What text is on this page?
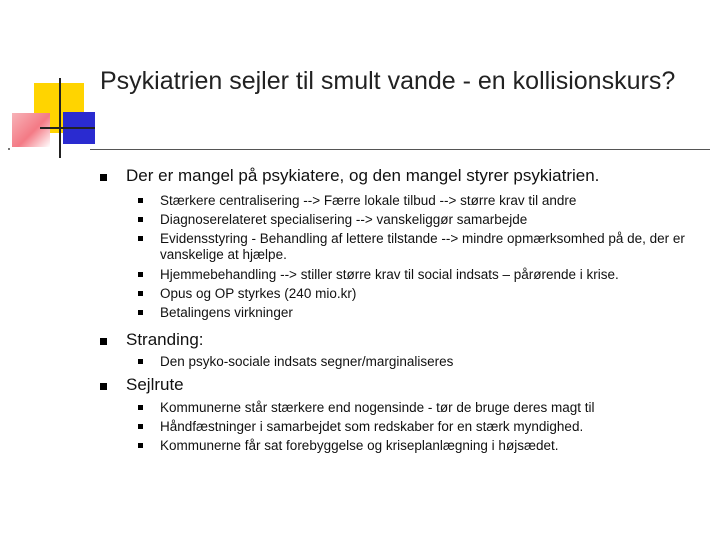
Psykiatrien sejler til smult vande - en kollisionskurs?
Der er mangel på psykiatere, og den mangel styrer psykiatrien.
Stærkere centralisering --> Færre lokale tilbud --> større krav til andre
Diagnoserelateret specialisering --> vanskeliggør samarbejde
Evidensstyring - Behandling af lettere tilstande --> mindre opmærksomhed på de, der er vanskelige at hjælpe.
Hjemmebehandling --> stiller større krav til social indsats – pårørende i krise.
Opus og OP styrkes (240 mio.kr)
Betalingens virkninger
Stranding:
Den psyko-sociale indsats segner/marginaliseres
Sejlrute
Kommunerne står stærkere end nogensinde - tør de bruge deres magt til
Håndfæstninger i samarbejdet som redskaber for en stærk myndighed.
Kommunerne får sat forebyggelse og kriseplanlægning i højsædet.
